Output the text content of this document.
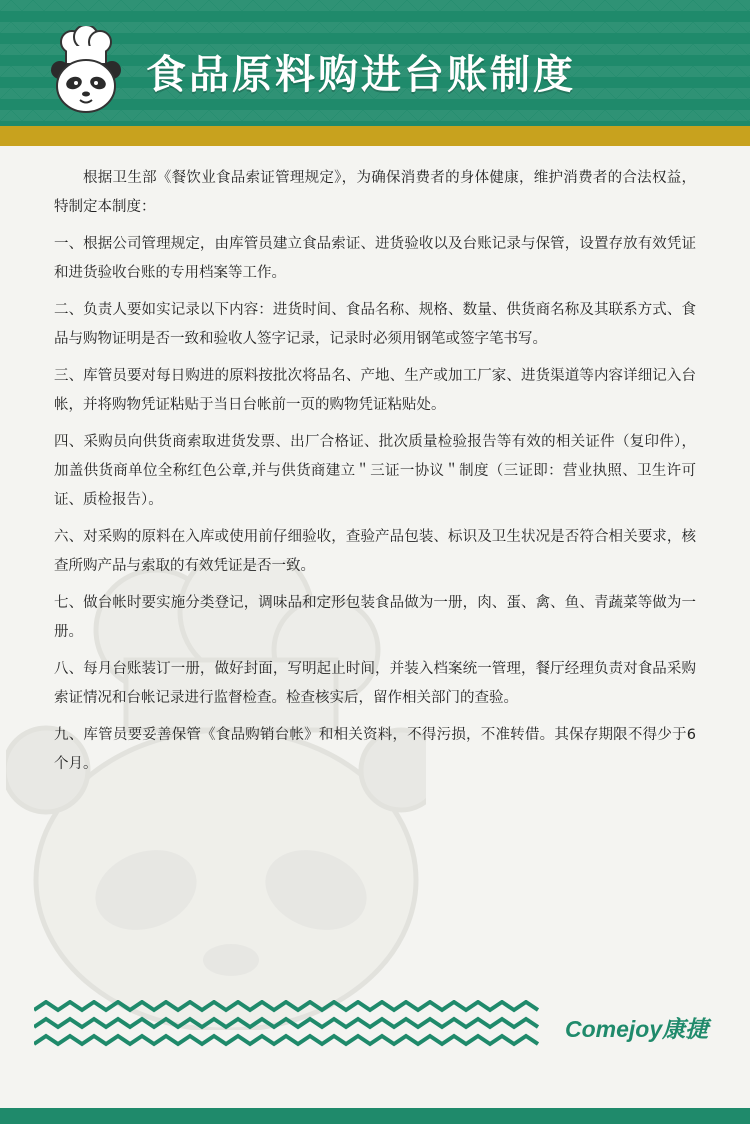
食品原料购进台账制度

根据卫生部《餐饮业食品索证管理规定》，为确保消费者的身体健康，维护消费者的合法权益，特制定本制度：

一、根据公司管理规定，由库管员建立食品索证、进货验收以及台账记录与保管，设置存放有效凭证和进货验收台账的专用档案等工作。

二、负责人要如实记录以下内容：进货时间、食品名称、规格、数量、供货商名称及其联系方式、食品与购物证明是否一致和验收人签字记录，记录时必须用钢笔或签字笔书写。

三、库管员要对每日购进的原料按批次将品名、产地、生产或加工厂家、进货渠道等内容详细记入台帐，并将购物凭证粘贴于当日台帐前一页的购物凭证粘贴处。

四、采购员向供货商索取进货发票、出厂合格证、批次质量检验报告等有效的相关证件（复印件），加盖供货商单位全称红色公章,并与供货商建立＂三证一协议＂制度（三证即：营业执照、卫生许可证、质检报告）。

六、对采购的原料在入库或使用前仔细验收，查验产品包装、标识及卫生状况是否符合相关要求，核查所购产品与索取的有效凭证是否一致。

七、做台帐时要实施分类登记，调味品和定形包装食品做为一册，肉、蛋、禽、鱼、青蔬菜等做为一册。

八、每月台账装订一册，做好封面，写明起止时间，并装入档案统一管理，餐厅经理负责对食品采购索证情况和台帐记录进行监督检查。检查核实后，留作相关部门的查验。

九、库管员要妥善保管《食品购销台帐》和相关资料，不得污损，不准转借。其保存期限不得少于6个月。

Comejoy康捷
